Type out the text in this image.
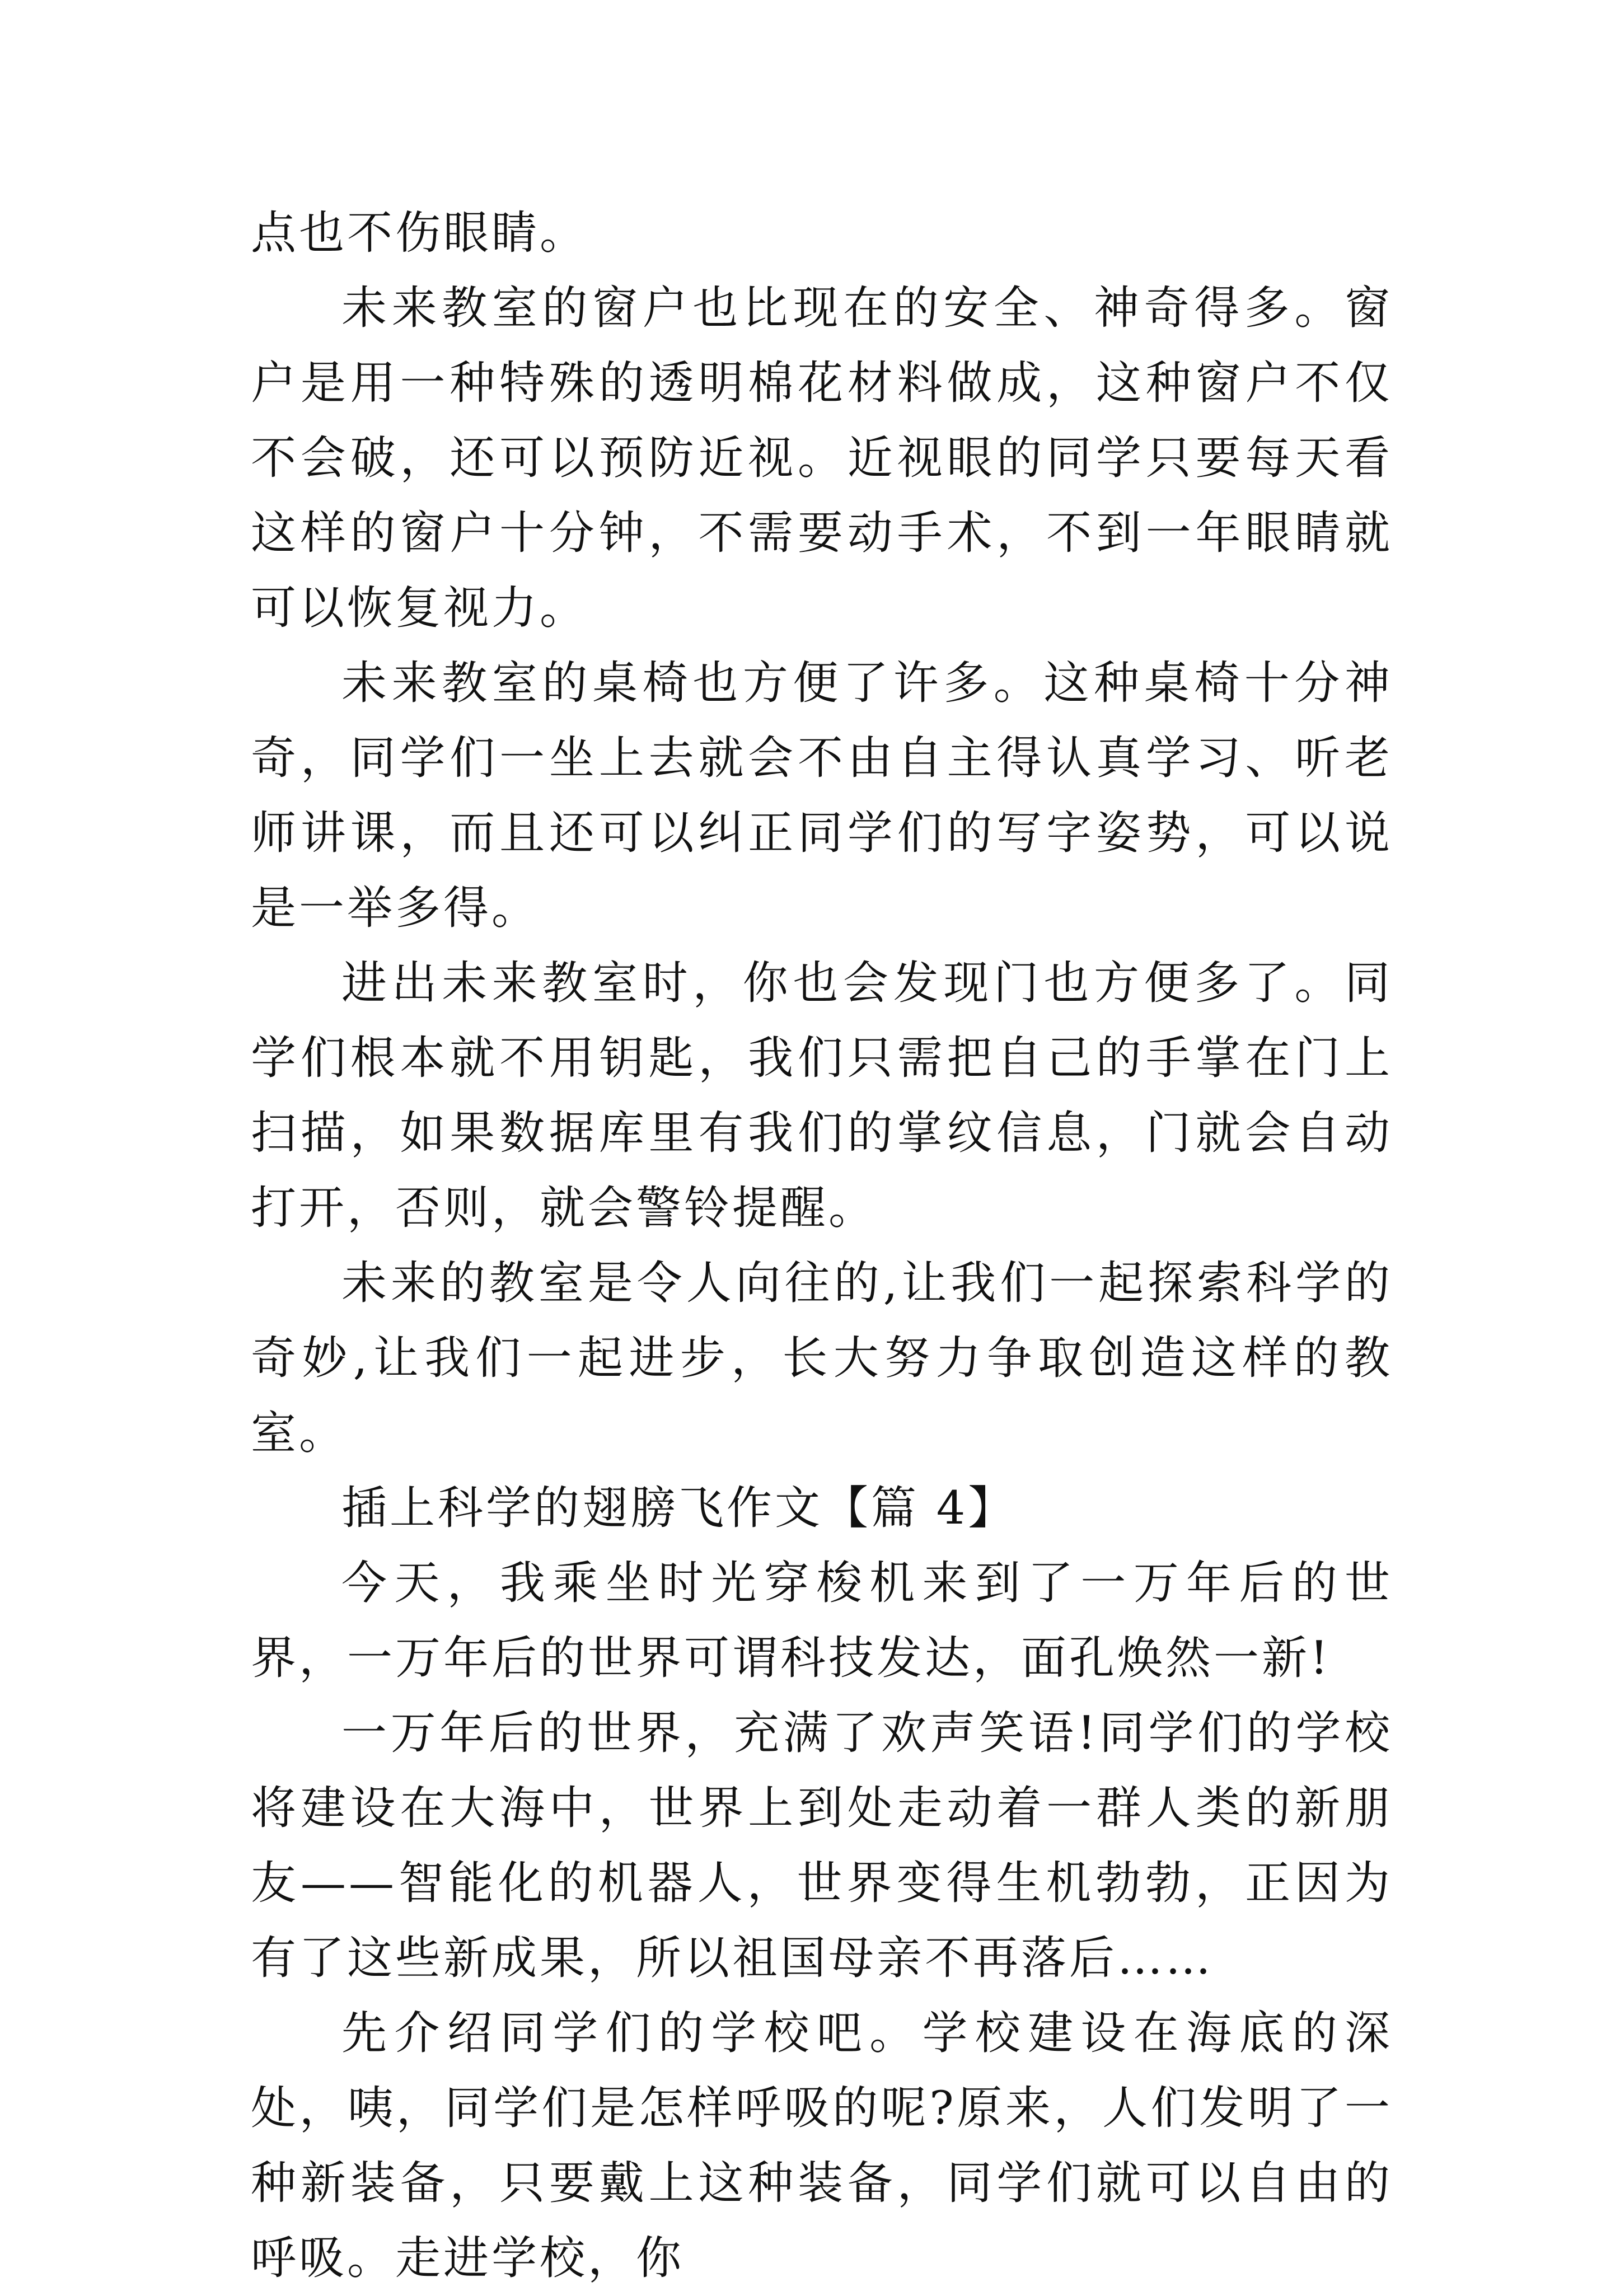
点也不伤眼睛。

未来教室的窗户也比现在的安全、神奇得多。窗户是用一种特殊的透明棉花材料做成，这种窗户不仅不会破，还可以预防近视。近视眼的同学只要每天看这样的窗户十分钟，不需要动手术，不到一年眼睛就可以恢复视力。

未来教室的桌椅也方便了许多。这种桌椅十分神奇，同学们一坐上去就会不由自主得认真学习、听老师讲课，而且还可以纠正同学们的写字姿势，可以说是一举多得。

进出未来教室时，你也会发现门也方便多了。同学们根本就不用钥匙，我们只需把自己的手掌在门上扫描，如果数据库里有我们的掌纹信息，门就会自动打开，否则，就会警铃提醒。

未来的教室是令人向往的,让我们一起探索科学的奇妙,让我们一起进步，长大努力争取创造这样的教室。

插上科学的翅膀飞作文【篇 4】

今天，我乘坐时光穿梭机来到了一万年后的世界，一万年后的世界可谓科技发达，面孔焕然一新!

一万年后的世界，充满了欢声笑语!同学们的学校将建设在大海中，世界上到处走动着一群人类的新朋友——智能化的机器人，世界变得生机勃勃，正因为有了这些新成果，所以祖国母亲不再落后……

先介绍同学们的学校吧。学校建设在海底的深处，咦，同学们是怎样呼吸的呢?原来，人们发明了一种新装备，只要戴上这种装备，同学们就可以自由的呼吸。走进学校，你
